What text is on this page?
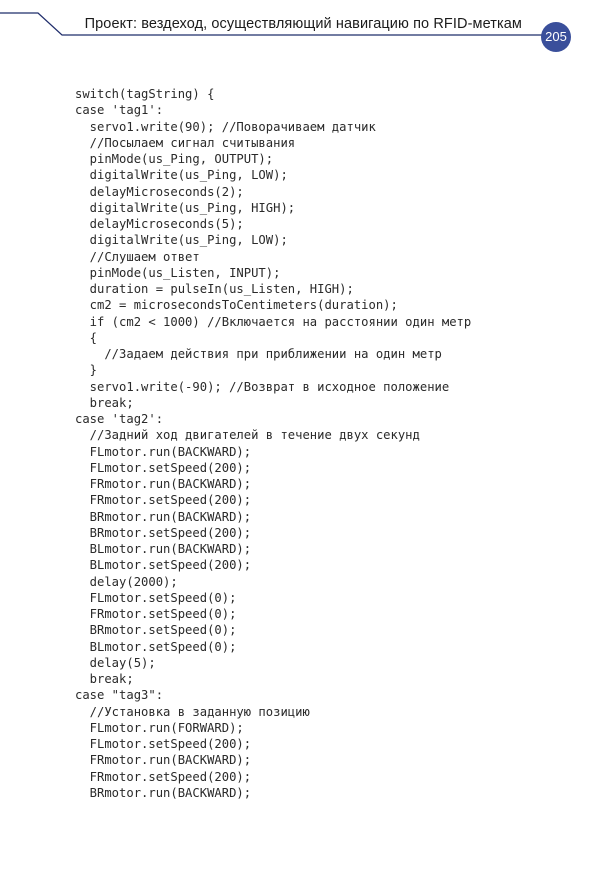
Проект: вездеход, осуществляющий навигацию по RFID-меткам
205
switch(tagString) {
case 'tag1':
servo1.write(90); //Поворачиваем датчик
//Посылаем сигнал считывания
pinMode(us_Ping, OUTPUT);
digitalWrite(us_Ping, LOW);
delayMicroseconds(2);
digitalWrite(us_Ping, HIGH);
delayMicroseconds(5);
digitalWrite(us_Ping, LOW);
//Слушаем ответ
pinMode(us_Listen, INPUT);
duration = pulseIn(us_Listen, HIGH);
cm2 = microsecondsToCentimeters(duration);
if (cm2 < 1000) //Включается на расстоянии один метр
{
//Задаем действия при приближении на один метр
}
servo1.write(-90); //Возврат в исходное положение
break;
case 'tag2':
//Задний ход двигателей в течение двух секунд
FLmotor.run(BACKWARD);
FLmotor.setSpeed(200);
FRmotor.run(BACKWARD);
FRmotor.setSpeed(200);
BRmotor.run(BACKWARD);
BRmotor.setSpeed(200);
BLmotor.run(BACKWARD);
BLmotor.setSpeed(200);
delay(2000);
FLmotor.setSpeed(0);
FRmotor.setSpeed(0);
BRmotor.setSpeed(0);
BLmotor.setSpeed(0);
delay(5);
break;
case "tag3":
//Установка в заданную позицию
FLmotor.run(FORWARD);
FLmotor.setSpeed(200);
FRmotor.run(BACKWARD);
FRmotor.setSpeed(200);
BRmotor.run(BACKWARD);
